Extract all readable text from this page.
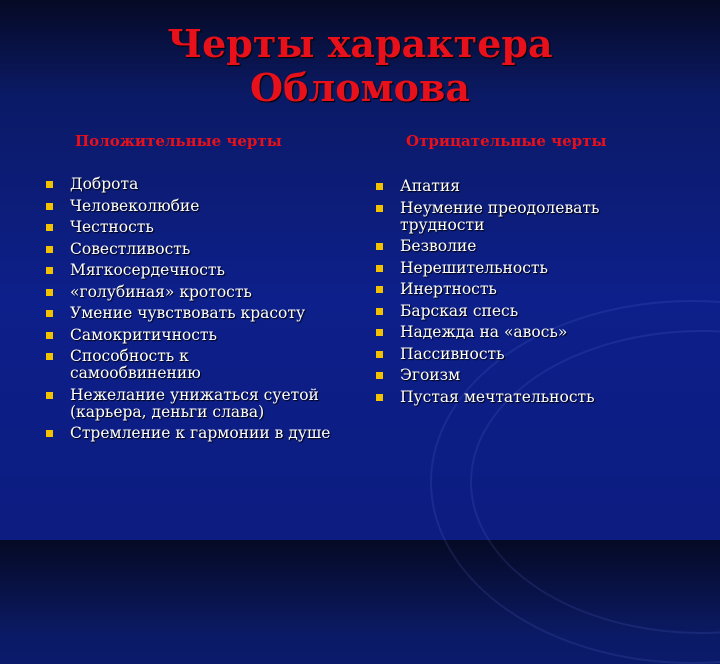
Черты характера
Обломова
Положительные черты	Отрицательные черты
Доброта
Человеколюбие
Честность
Совестливость
Мягкосердечность
«голубиная» кротость
Умение чувствовать красоту
Самокритичность
Способность к самообвинению
Нежелание унижаться суетой (карьера, деньги слава)
Стремление к гармонии в душе
Апатия
Неумение преодолевать трудности
Безволие
Нерешительность
Инертность
Барская спесь
Надежда на «авось»
Пассивность
Эгоизм
Пустая мечтательность
